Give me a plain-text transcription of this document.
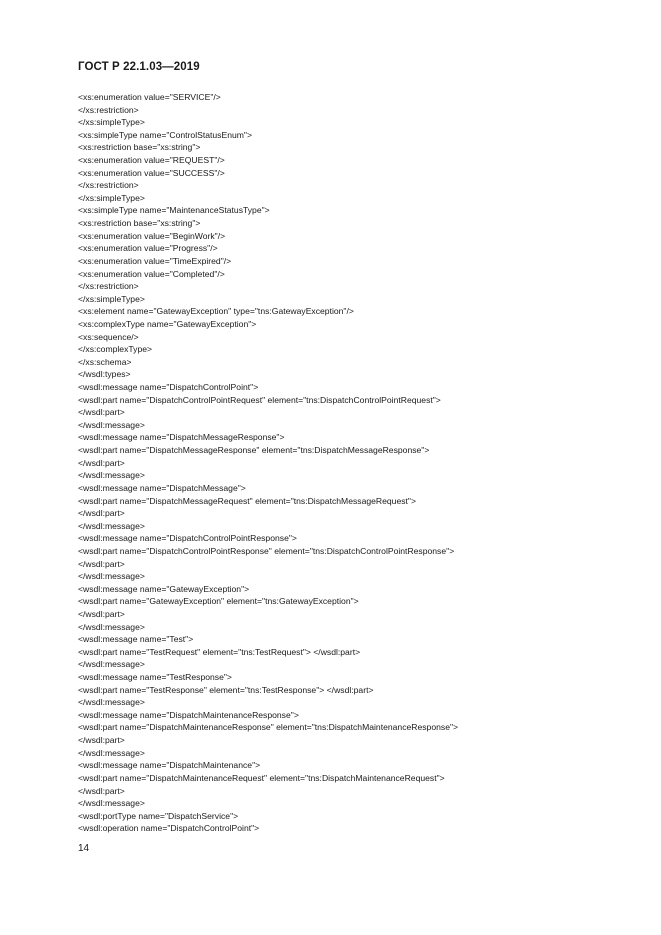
ГОСТ Р 22.1.03—2019
<xs:enumeration value="SERVICE"/>
</xs:restriction>
</xs:simpleType>
<xs:simpleType name="ControlStatusEnum">
<xs:restriction base="xs:string">
<xs:enumeration value="REQUEST"/>
<xs:enumeration value="SUCCESS"/>
</xs:restriction>
</xs:simpleType>
<xs:simpleType name="MaintenanceStatusType">
<xs:restriction base="xs:string">
<xs:enumeration value="BeginWork"/>
<xs:enumeration value="Progress"/>
<xs:enumeration value="TimeExpired"/>
<xs:enumeration value="Completed"/>
</xs:restriction>
</xs:simpleType>
<xs:element name="GatewayException" type="tns:GatewayException"/>
<xs:complexType name="GatewayException">
<xs:sequence/>
</xs:complexType>
</xs:schema>
</wsdl:types>
<wsdl:message name="DispatchControlPoint">
<wsdl:part name="DispatchControlPointRequest" element="tns:DispatchControlPointRequest">
</wsdl:part>
</wsdl:message>
<wsdl:message name="DispatchMessageResponse">
<wsdl:part name="DispatchMessageResponse" element="tns:DispatchMessageResponse">
</wsdl:part>
</wsdl:message>
<wsdl:message name="DispatchMessage">
<wsdl:part name="DispatchMessageRequest" element="tns:DispatchMessageRequest">
</wsdl:part>
</wsdl:message>
<wsdl:message name="DispatchControlPointResponse">
<wsdl:part name="DispatchControlPointResponse" element="tns:DispatchControlPointResponse">
</wsdl:part>
</wsdl:message>
<wsdl:message name="GatewayException">
<wsdl:part name="GatewayException" element="tns:GatewayException">
</wsdl:part>
</wsdl:message>
<wsdl:message name="Test">
<wsdl:part name="TestRequest" element="tns:TestRequest"> </wsdl:part>
</wsdl:message>
<wsdl:message name="TestResponse">
<wsdl:part name="TestResponse" element="tns:TestResponse"> </wsdl:part>
</wsdl:message>
<wsdl:message name="DispatchMaintenanceResponse">
<wsdl:part name="DispatchMaintenanceResponse" element="tns:DispatchMaintenanceResponse">
</wsdl:part>
</wsdl:message>
<wsdl:message name="DispatchMaintenance">
<wsdl:part name="DispatchMaintenanceRequest" element="tns:DispatchMaintenanceRequest">
</wsdl:part>
</wsdl:message>
<wsdl:portType name="DispatchService">
<wsdl:operation name="DispatchControlPoint">
14
